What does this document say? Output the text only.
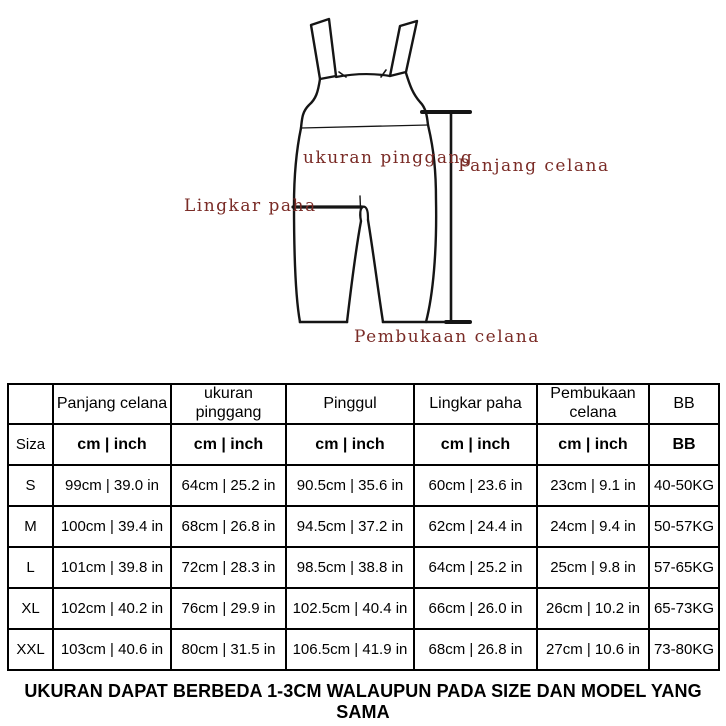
ukuran pinggang
Panjang celana
Lingkar paha
Pembukaan celana
	Panjang celana	ukuran pinggang	Pinggul	Lingkar paha	Pembukaan celana	BB
Siza	cm | inch	cm | inch	cm | inch	cm | inch	cm | inch	BB
S	99cm | 39.0 in	64cm | 25.2 in	90.5cm | 35.6 in	60cm | 23.6 in	23cm | 9.1 in	40-50KG
M	100cm | 39.4 in	68cm | 26.8 in	94.5cm | 37.2 in	62cm | 24.4 in	24cm | 9.4 in	50-57KG
L	101cm | 39.8 in	72cm | 28.3 in	98.5cm | 38.8 in	64cm | 25.2 in	25cm | 9.8 in	57-65KG
XL	102cm | 40.2 in	76cm | 29.9 in	102.5cm | 40.4 in	66cm | 26.0 in	26cm | 10.2 in	65-73KG
XXL	103cm | 40.6 in	80cm | 31.5 in	106.5cm | 41.9 in	68cm | 26.8 in	27cm | 10.6 in	73-80KG
UKURAN DAPAT BERBEDA 1-3CM WALAUPUN PADA SIZE DAN MODEL YANG SAMA
